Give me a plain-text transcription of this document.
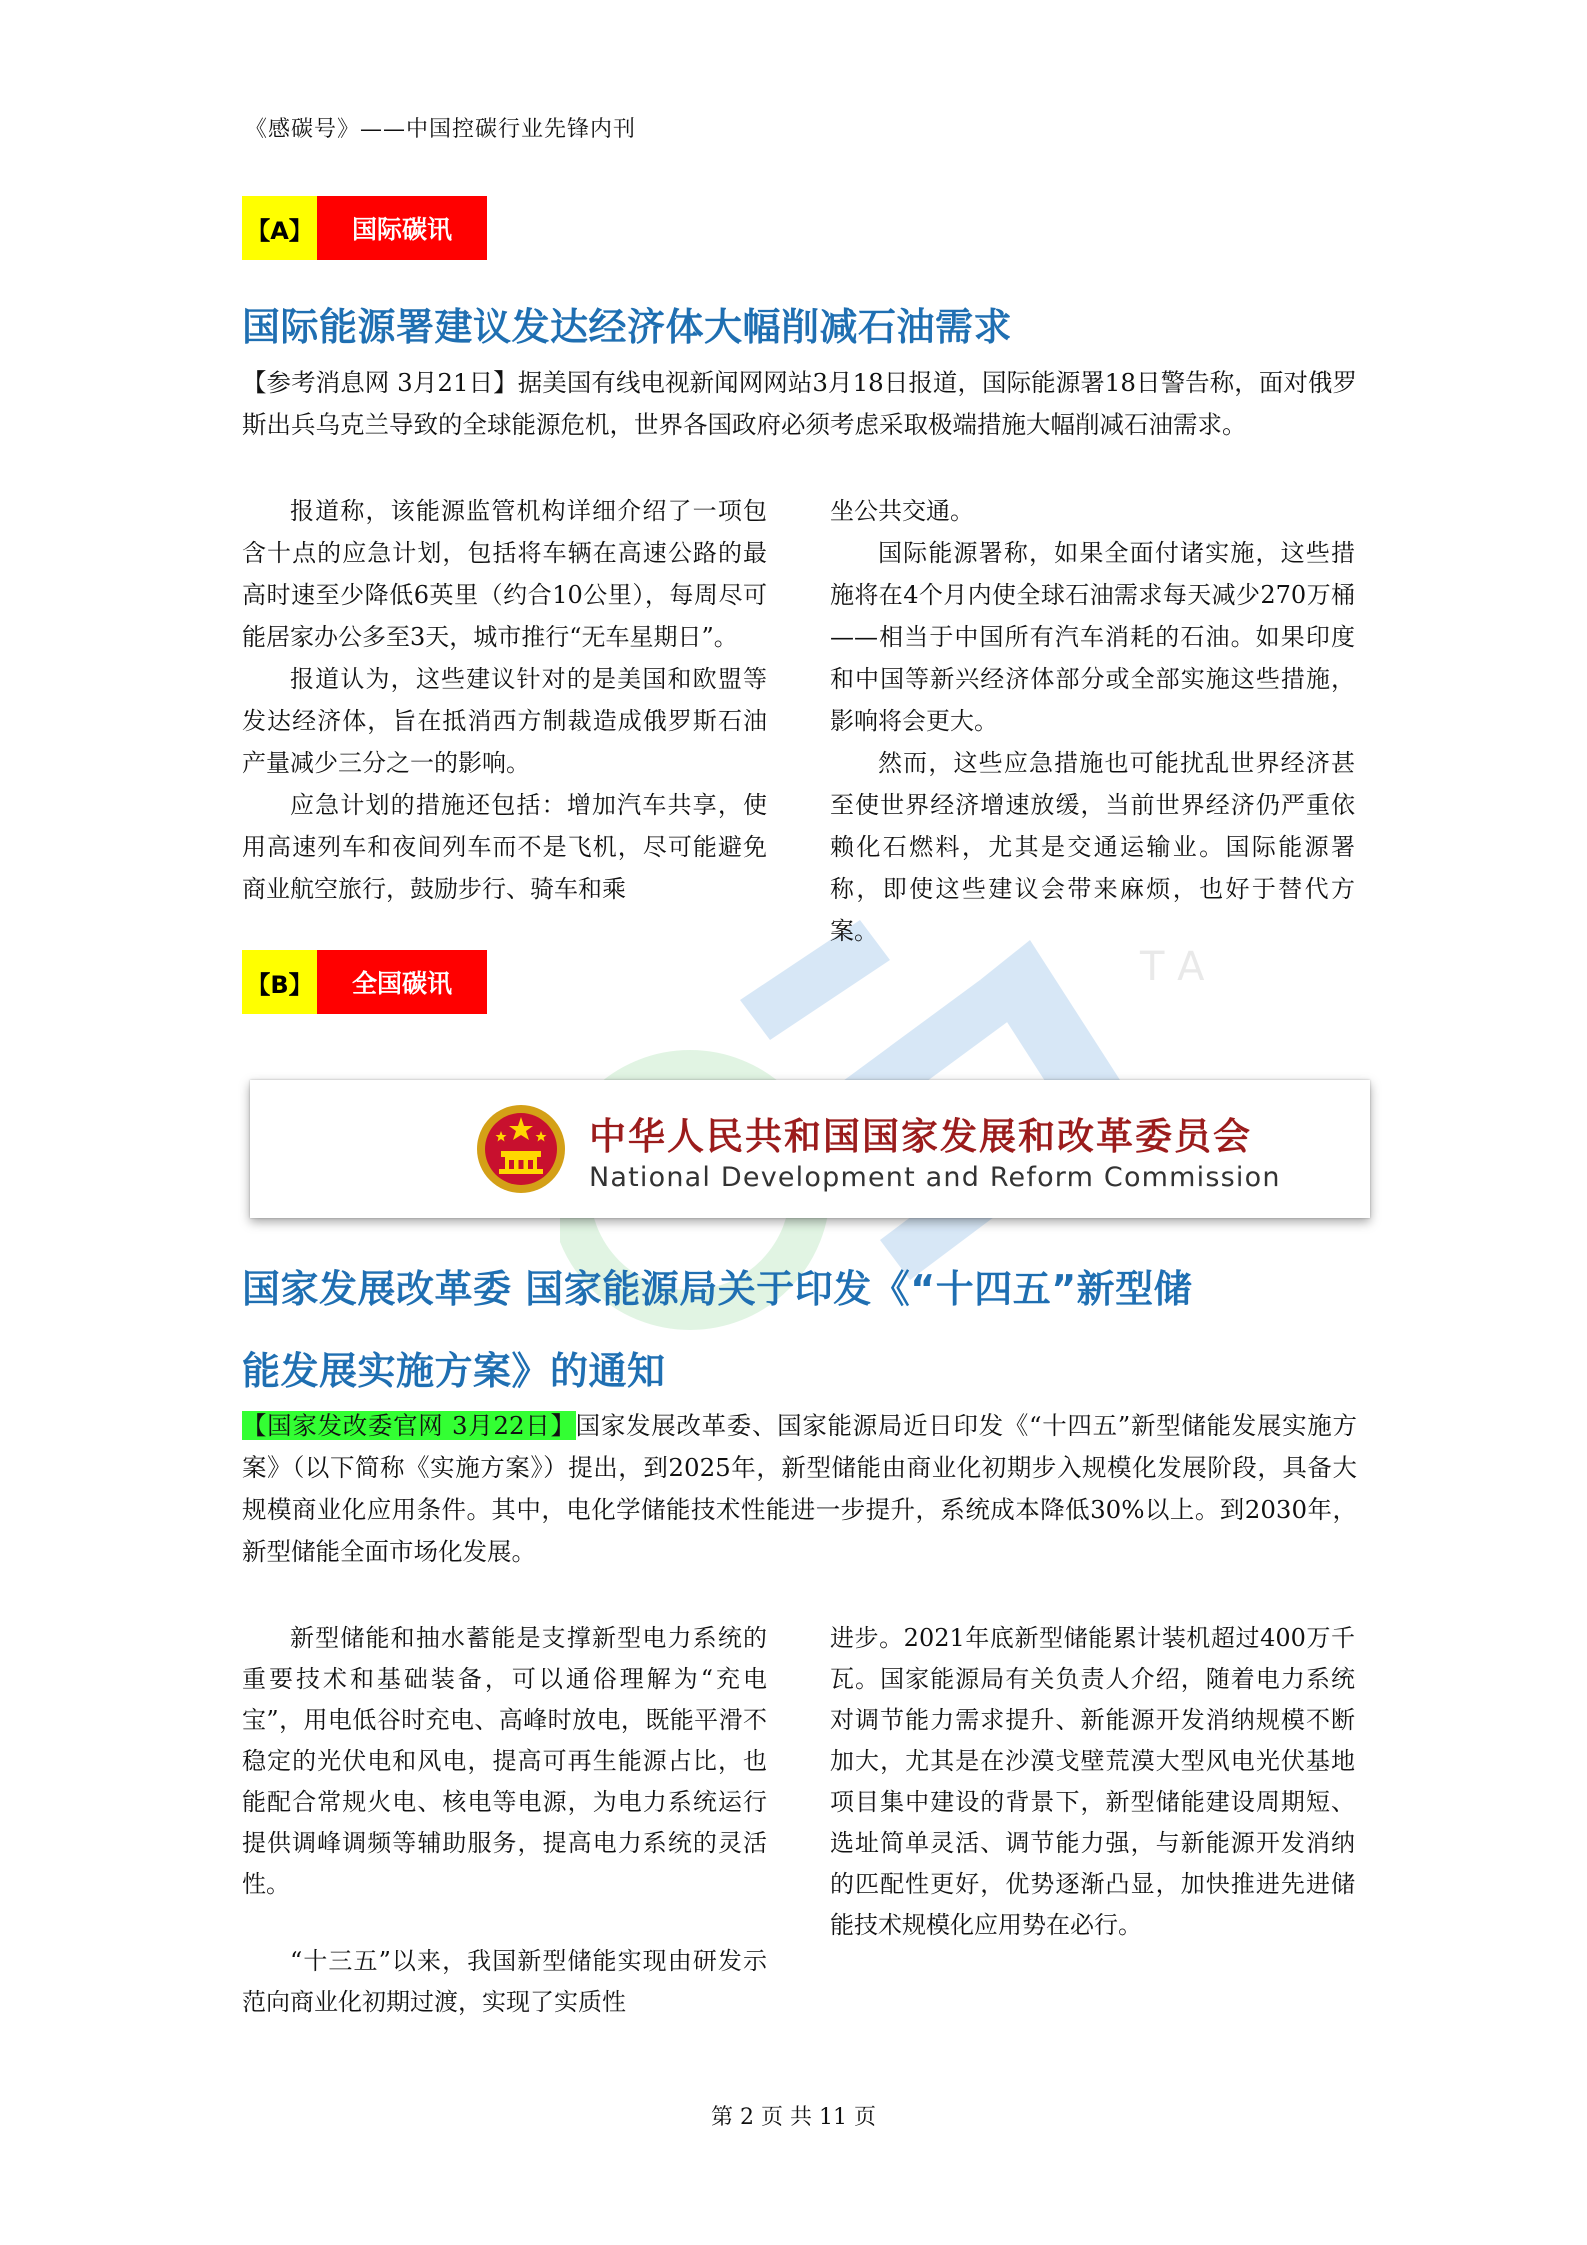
T A
《感碳号》——中国控碳行业先锋内刊
【A】	国际碳讯
国际能源署建议发达经济体大幅削减石油需求
【参考消息网 3月21日】据美国有线电视新闻网网站3月18日报道，国际能源署18日警告称，面对俄罗斯出兵乌克兰导致的全球能源危机，世界各国政府必须考虑采取极端措施大幅削减石油需求。

报道称，该能源监管机构详细介绍了一项包含十点的应急计划，包括将车辆在高速公路的最高时速至少降低6英里（约合10公里），每周尽可能居家办公多至3天，城市推行“无车星期日”。

报道认为，这些建议针对的是美国和欧盟等发达经济体，旨在抵消西方制裁造成俄罗斯石油产量减少三分之一的影响。

应急计划的措施还包括：增加汽车共享，使用高速列车和夜间列车而不是飞机，尽可能避免商业航空旅行，鼓励步行、骑车和乘

坐公共交通。

国际能源署称，如果全面付诸实施，这些措施将在4个月内使全球石油需求每天减少270万桶——相当于中国所有汽车消耗的石油。如果印度和中国等新兴经济体部分或全部实施这些措施，影响将会更大。

然而，这些应急措施也可能扰乱世界经济甚至使世界经济增速放缓，当前世界经济仍严重依赖化石燃料，尤其是交通运输业。国际能源署称，即使这些建议会带来麻烦，也好于替代方案。

【B】	全国碳讯
中华人民共和国国家发展和改革委员会
National Development and Reform Commission
国家发展改革委 国家能源局关于印发《“十四五”新型储
能发展实施方案》的通知
【国家发改委官网 3月22日】国家发展改革委、国家能源局近日印发《“十四五”新型储能发展实施方案》（以下简称《实施方案》）提出，到2025年，新型储能由商业化初期步入规模化发展阶段，具备大规模商业化应用条件。其中，电化学储能技术性能进一步提升，系统成本降低30%以上。到2030年，新型储能全面市场化发展。

新型储能和抽水蓄能是支撑新型电力系统的重要技术和基础装备，可以通俗理解为“充电宝”，用电低谷时充电、高峰时放电，既能平滑不稳定的光伏电和风电，提高可再生能源占比，也能配合常规火电、核电等电源，为电力系统运行提供调峰调频等辅助服务，提高电力系统的灵活性。

“十三五”以来，我国新型储能实现由研发示范向商业化初期过渡，实现了实质性

进步。2021年底新型储能累计装机超过400万千瓦。国家能源局有关负责人介绍，随着电力系统对调节能力需求提升、新能源开发消纳规模不断加大，尤其是在沙漠戈壁荒漠大型风电光伏基地项目集中建设的背景下，新型储能建设周期短、选址简单灵活、调节能力强，与新能源开发消纳的匹配性更好，优势逐渐凸显，加快推进先进储能技术规模化应用势在必行。

第 2 页 共 11 页
